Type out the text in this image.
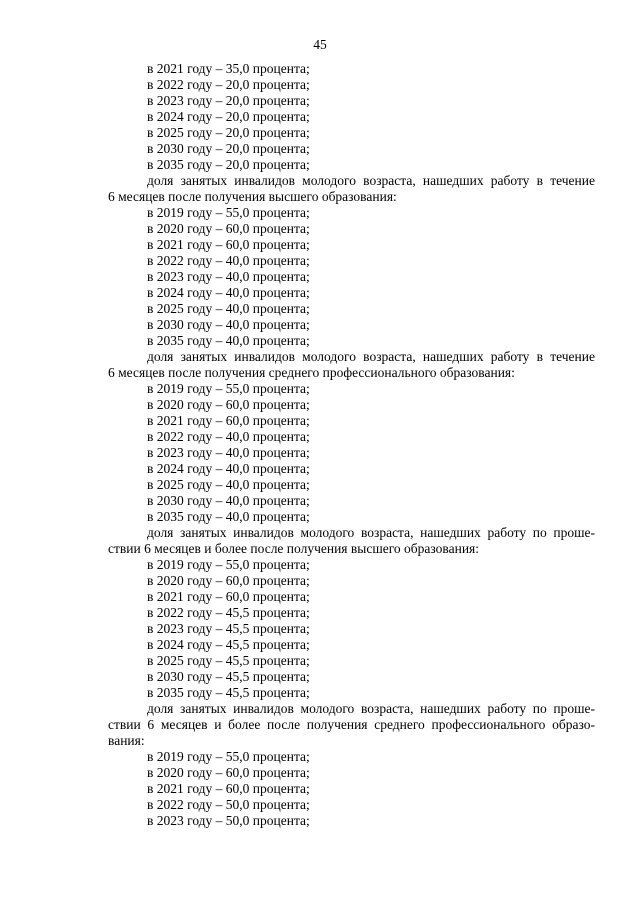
45
в 2021 году – 35,0 процента;
в 2022 году – 20,0 процента;
в 2023 году – 20,0 процента;
в 2024 году – 20,0 процента;
в 2025 году – 20,0 процента;
в 2030 году – 20,0 процента;
в 2035 году – 20,0 процента;
доля занятых инвалидов молодого возраста, нашедших работу в течение
6 месяцев после получения высшего образования:
в 2019 году – 55,0 процента;
в 2020 году – 60,0 процента;
в 2021 году – 60,0 процента;
в 2022 году – 40,0 процента;
в 2023 году – 40,0 процента;
в 2024 году – 40,0 процента;
в 2025 году – 40,0 процента;
в 2030 году – 40,0 процента;
в 2035 году – 40,0 процента;
доля занятых инвалидов молодого возраста, нашедших работу в течение
6 месяцев после получения среднего профессионального образования:
в 2019 году – 55,0 процента;
в 2020 году – 60,0 процента;
в 2021 году – 60,0 процента;
в 2022 году – 40,0 процента;
в 2023 году – 40,0 процента;
в 2024 году – 40,0 процента;
в 2025 году – 40,0 процента;
в 2030 году – 40,0 процента;
в 2035 году – 40,0 процента;
доля занятых инвалидов молодого возраста, нашедших работу по проше-
ствии 6 месяцев и более после получения высшего образования:
в 2019 году – 55,0 процента;
в 2020 году – 60,0 процента;
в 2021 году – 60,0 процента;
в 2022 году – 45,5 процента;
в 2023 году – 45,5 процента;
в 2024 году – 45,5 процента;
в 2025 году – 45,5 процента;
в 2030 году – 45,5 процента;
в 2035 году – 45,5 процента;
доля занятых инвалидов молодого возраста, нашедших работу по проше-
ствии 6 месяцев и более после получения среднего профессионального образо-
вания:
в 2019 году – 55,0 процента;
в 2020 году – 60,0 процента;
в 2021 году – 60,0 процента;
в 2022 году – 50,0 процента;
в 2023 году – 50,0 процента;
